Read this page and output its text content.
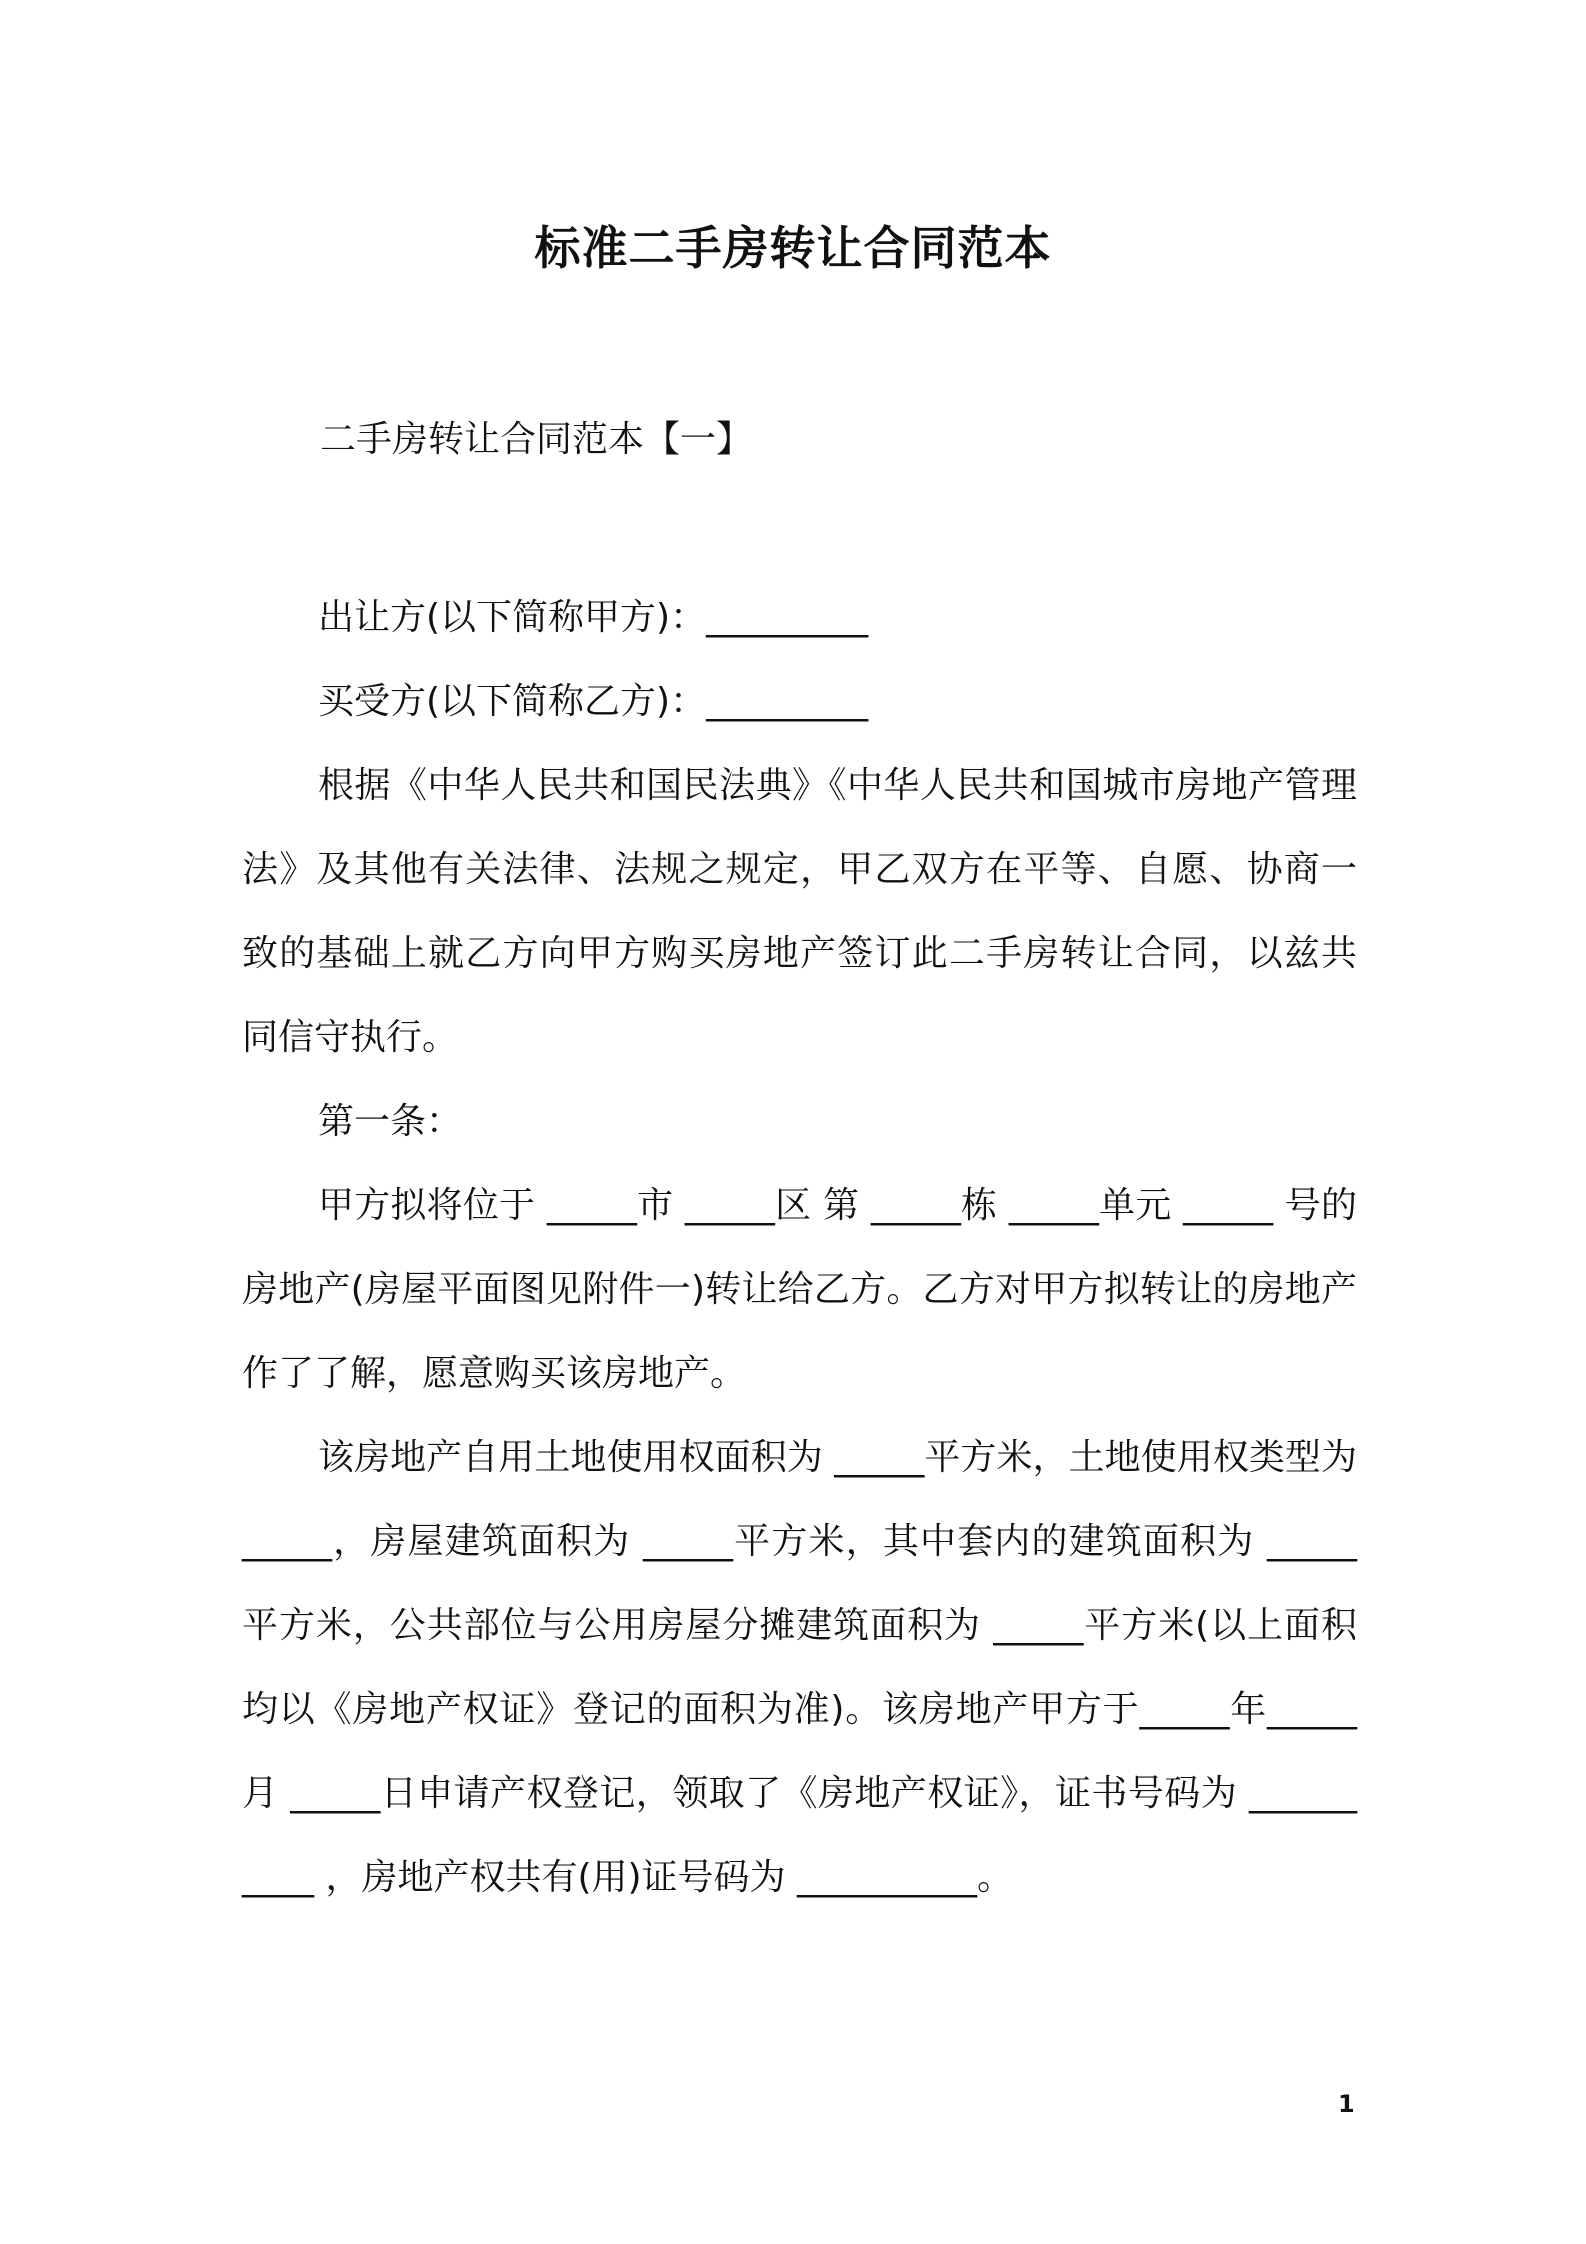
标准二手房转让合同范本
二手房转让合同范本【一】

出让方(以下简称甲方)：_________

买受方(以下简称乙方)：_________

根据《中华人民共和国民法典》《中华人民共和国城市房地产管理法》及其他有关法律、法规之规定，甲乙双方在平等、自愿、协商一致的基础上就乙方向甲方购买房地产签订此二手房转让合同，以兹共同信守执行。

第一条：

甲方拟将位于 _____市 _____区 第 _____栋 _____单元 _____ 号的房地产(房屋平面图见附件一)转让给乙方。乙方对甲方拟转让的房地产作了了解，愿意购买该房地产。

该房地产自用土地使用权面积为 _____平方米，土地使用权类型为 _____，房屋建筑面积为 _____平方米，其中套内的建筑面积为 _____平方米，公共部位与公用房屋分摊建筑面积为 _____平方米(以上面积均以《房地产权证》登记的面积为准)。该房地产甲方于_____年_____月 _____日申请产权登记，领取了《房地产权证》，证书号码为 __________ ，房地产权共有(用)证号码为 __________。

1
